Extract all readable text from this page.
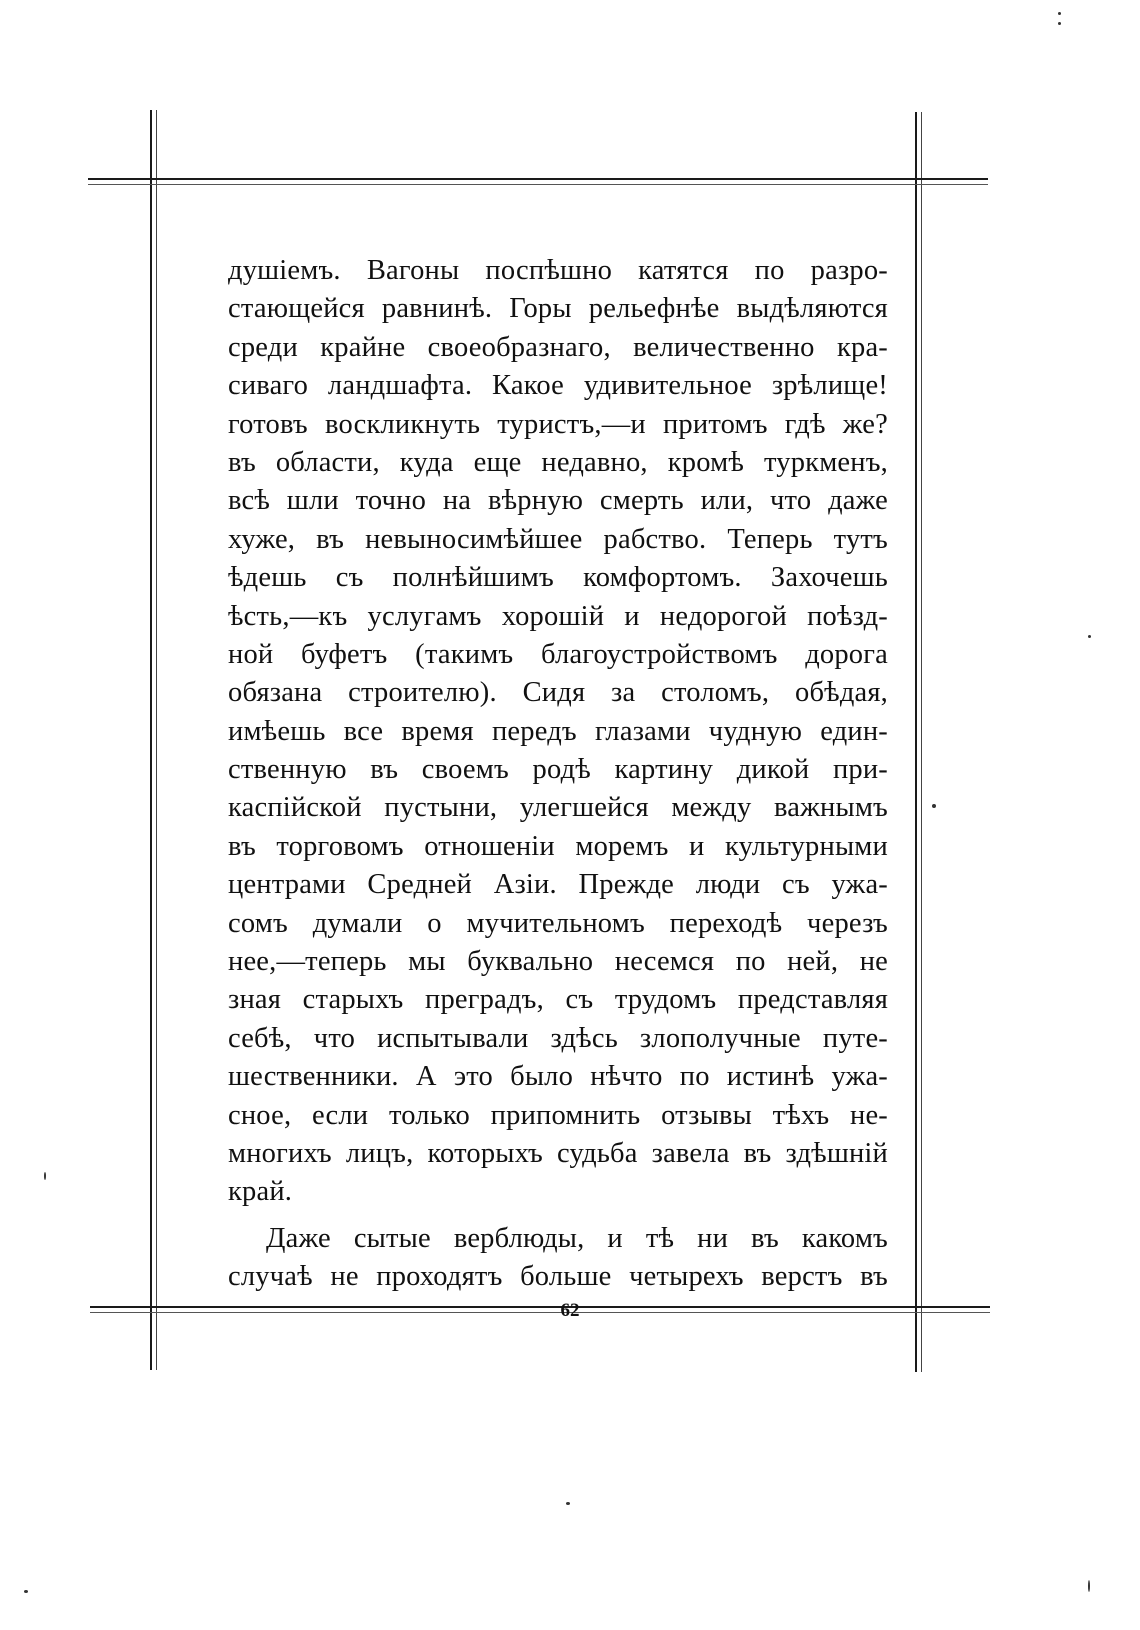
душіемъ. Вагоны поспѣшно катятся по разро-
стающейся равнинѣ. Горы рельефнѣе выдѣляются
среди крайне своеобразнаго, величественно кра-
сиваго ландшафта. Какое удивительное зрѣлище!
готовъ воскликнуть туристъ,—и притомъ гдѣ же?
въ области, куда еще недавно, кромѣ туркменъ,
всѣ шли точно на вѣрную смерть или, что даже
хуже, въ невыносимѣйшее рабство. Теперь тутъ
ѣдешь съ полнѣйшимъ комфортомъ. Захочешь
ѣсть,—къ услугамъ хорошій и недорогой поѣзд-
ной буфетъ (такимъ благоустройствомъ дорога
обязана строителю). Сидя за столомъ, обѣдая,
имѣешь все время передъ глазами чудную един-
ственную въ своемъ родѣ картину дикой при-
каспійской пустыни, улегшейся между важнымъ
въ торговомъ отношеніи моремъ и культурными
центрами Средней Азіи. Прежде люди съ ужа-
сомъ думали о мучительномъ переходѣ черезъ
нее,—теперь мы буквально несемся по ней, не
зная старыхъ преградъ, съ трудомъ представляя
себѣ, что испытывали здѣсь злополучные путе-
шественники. А это было нѣчто по истинѣ ужа-
сное, если только припомнить отзывы тѣхъ не-
многихъ лицъ, которыхъ судьба завела въ здѣшній
край.
Даже сытые верблюды, и тѣ ни въ какомъ
случаѣ не проходятъ больше четырехъ верстъ въ
62
